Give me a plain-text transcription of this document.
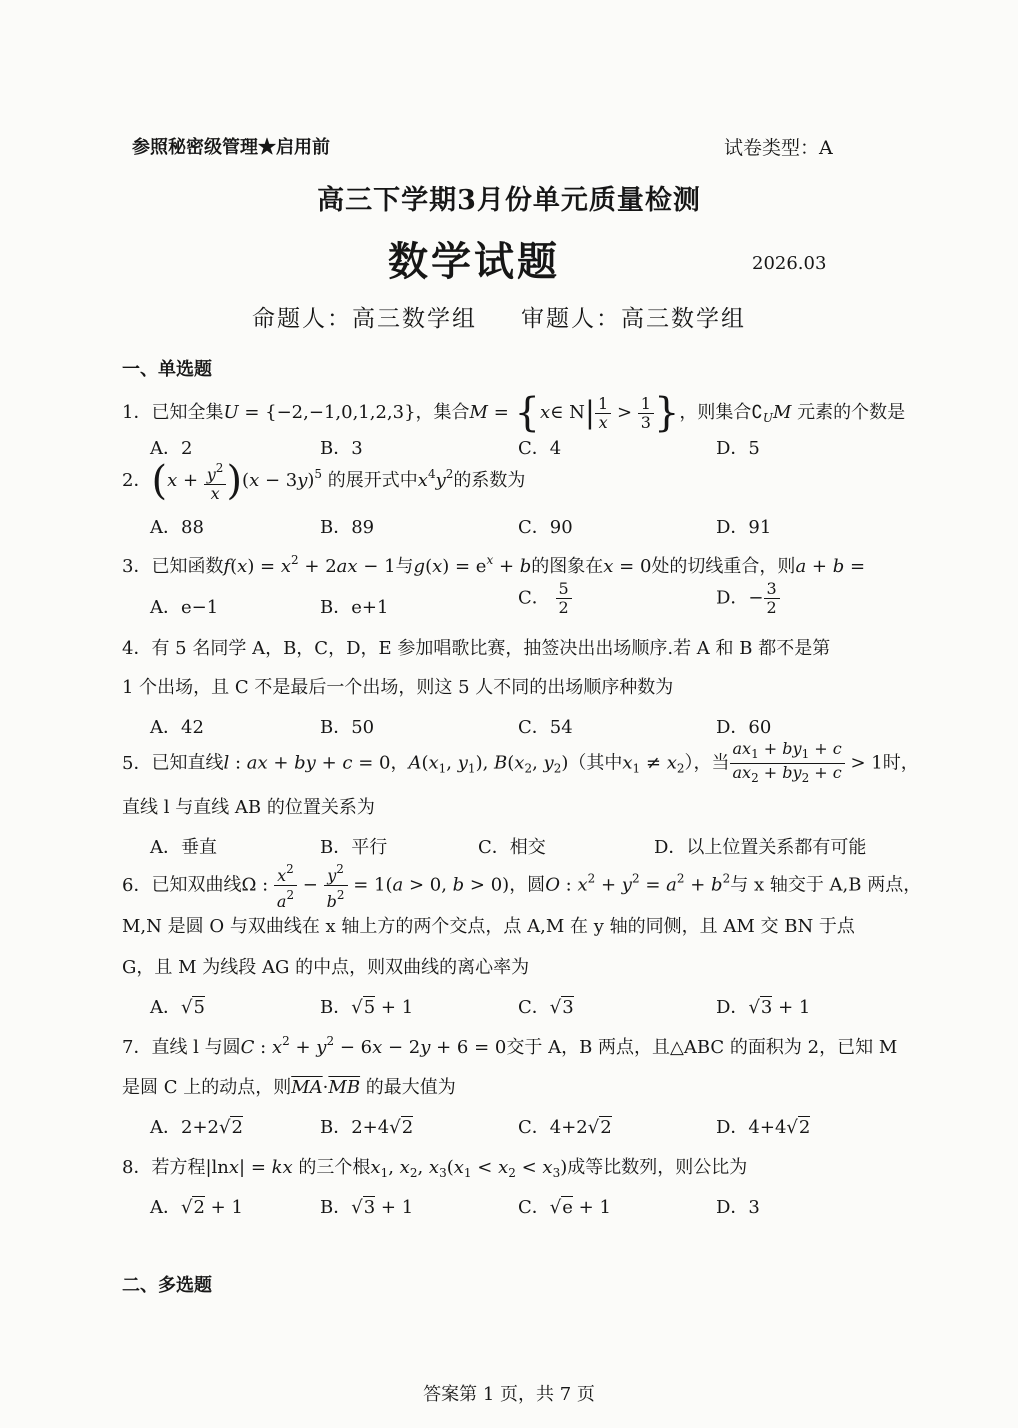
参照秘密级管理★启用前	试卷类型：A
高三下学期3月份单元质量检测
数学试题	2026.03
命题人：高三数学组 审题人：高三数学组
一、单选题
1．已知全集U = {−2,−1,0,1,2,3}，集合M = {x∈ $N| \frac{1}{x} > \frac{1}{3}$ }，则集合$∁_UM$ 元素的个数是
A．2	B．3	C．4	D．5
2．$(x + \frac{y^2}{x} )(x - 3y)^5$ 的展开式中$x^4y^2$的系数为
A．88	B．89	C．90	D．91
3．已知函数$f(x) = x^2 + 2ax - 1$与$g(x) = e^x + b$的图象在x = 0处的切线重合，则a + b =
A．e−1	B．e+1	C． $\frac{5}{2}$	D．− $\frac{3}{2}$
4．有 5 名同学 A，B，C，D，E 参加唱歌比赛，抽签决出出场顺序.若 A 和 B 都不是第
1 个出场，且 C 不是最后一个出场，则这 5 人不同的出场顺序种数为
A．42	B．50	C．54	D．60
5．已知直线l : ax + by + c = 0，$A(x_1$, $y_1$), $B(x_2$, $y_2$)（其中$x_1 \ne x_2$），当 $\frac{ax_1 + by_1 + c}{ax_2 + by_2 + c} > 1$时，
直线 l 与直线 AB 的位置关系为
A．垂直	B．平行	C．相交	D．以上位置关系都有可能
6．已知双曲线Ω : $\frac{x^2}{a^2} - \frac{y^2}{b^2} = 1(a > 0$, b > 0)，圆O : $x^2 + y^2 = a^2 + b^2$与 x 轴交于 A,B 两点，
M,N 是圆 O 与双曲线在 x 轴上方的两个交点，点 A,M 在 y 轴的同侧，且 AM 交 BN 于点
G，且 M 为线段 AG 的中点，则双曲线的离心率为
A．√5	B．√5 + 1	C．√3	D．√3 + 1
7．直线 l 与圆C : $x^2 + y^2 - 6x - 2y + 6 = 0$交于 A，B 两点，且△ABC 的面积为 2，已知 M
是圆 C 上的动点，则$\overline{MA}\cdot\overline{MB}$ 的最大值为
A．2+2√2	B．2+4√2	C．4+2√2	D．4+4√2
8．若方程|lnx| = kx 的三个根$x_1$, $x_2$, $x_3(x_1 < x_2 < x_3)$成等比数列，则公比为
A．√2 + 1	B．√3 + 1	C．√e + 1	D．3
二、多选题
答案第 1 页，共 7 页
